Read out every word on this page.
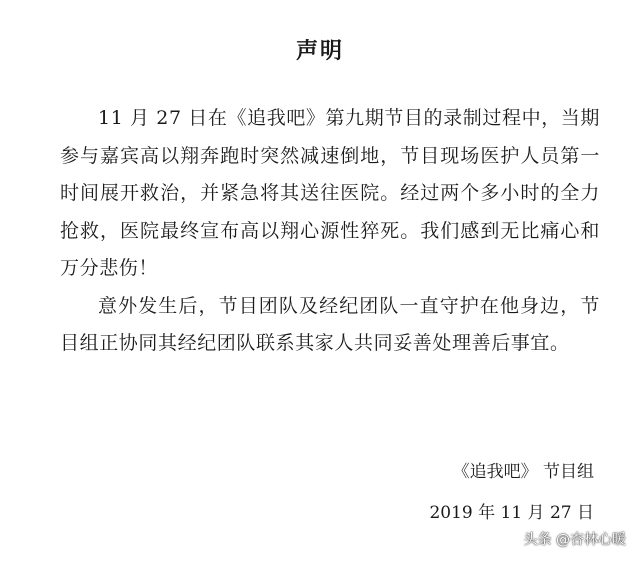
声明

11 月 27 日在《追我吧》第九期节目的录制过程中，当期参与嘉宾高以翔奔跑时突然减速倒地，节目现场医护人员第一时间展开救治，并紧急将其送往医院。经过两个多小时的全力抢救，医院最终宣布高以翔心源性猝死。我们感到无比痛心和万分悲伤！

意外发生后，节目团队及经纪团队一直守护在他身边，节目组正协同其经纪团队联系其家人共同妥善处理善后事宜。

《追我吧》 节目组

2019 年 11 月 27 日

头条 @杏林心暖
